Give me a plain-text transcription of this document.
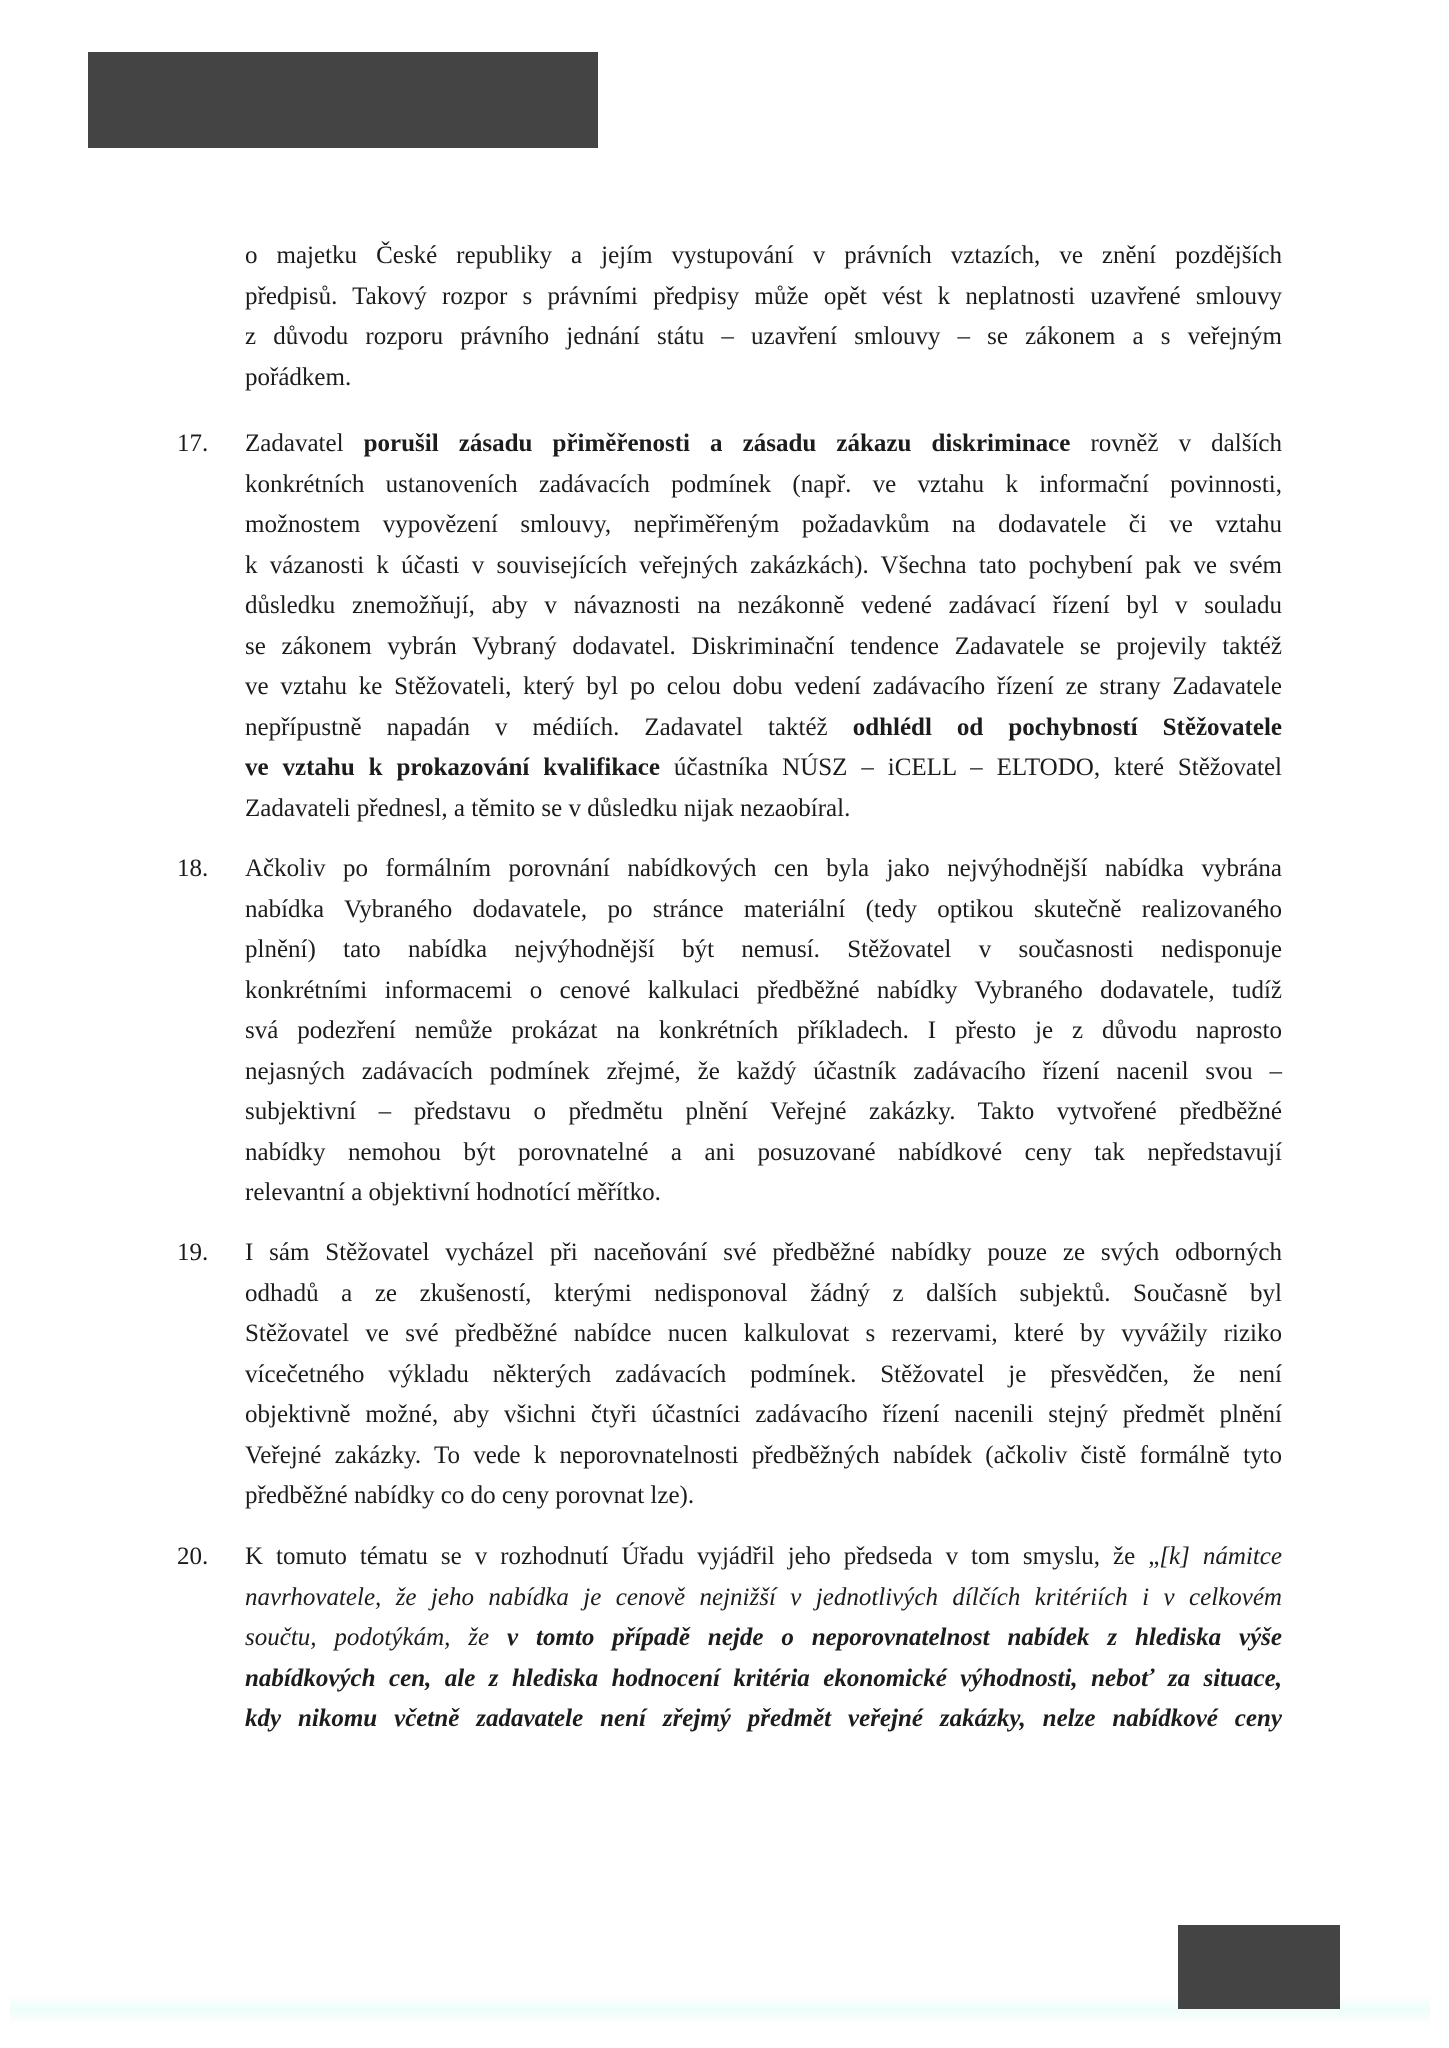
o majetku České republiky a jejím vystupování v právních vztazích, ve znění pozdějších
předpisů. Takový rozpor s právními předpisy může opět vést k neplatnosti uzavřené smlouvy
z důvodu rozporu právního jednání státu – uzavření smlouvy – se zákonem a s veřejným
pořádkem.
17. Zadavatel porušil zásadu přiměřenosti a zásadu zákazu diskriminace rovněž v dalších
konkrétních ustanoveních zadávacích podmínek (např. ve vztahu k informační povinnosti,
možnostem vypovězení smlouvy, nepřiměřeným požadavkům na dodavatele či ve vztahu
k vázanosti k účasti v souvisejících veřejných zakázkách). Všechna tato pochybení pak ve svém
důsledku znemožňují, aby v návaznosti na nezákonně vedené zadávací řízení byl v souladu
se zákonem vybrán Vybraný dodavatel. Diskriminační tendence Zadavatele se projevily taktéž
ve vztahu ke Stěžovateli, který byl po celou dobu vedení zadávacího řízení ze strany Zadavatele
nepřípustně napadán v médiích. Zadavatel taktéž odhlédl od pochybností Stěžovatele
ve vztahu k prokazování kvalifikace účastníka NÚSZ – iCELL – ELTODO, které Stěžovatel
Zadavateli přednesl, a těmito se v důsledku nijak nezaobíral.
18. Ačkoliv po formálním porovnání nabídkových cen byla jako nejvýhodnější nabídka vybrána
nabídka Vybraného dodavatele, po stránce materiální (tedy optikou skutečně realizovaného
plnění) tato nabídka nejvýhodnější být nemusí. Stěžovatel v současnosti nedisponuje
konkrétními informacemi o cenové kalkulaci předběžné nabídky Vybraného dodavatele, tudíž
svá podezření nemůže prokázat na konkrétních příkladech. I přesto je z důvodu naprosto
nejasných zadávacích podmínek zřejmé, že každý účastník zadávacího řízení nacenil svou –
subjektivní – představu o předmětu plnění Veřejné zakázky. Takto vytvořené předběžné
nabídky nemohou být porovnatelné a ani posuzované nabídkové ceny tak nepředstavují
relevantní a objektivní hodnotící měřítko.
19. I sám Stěžovatel vycházel při naceňování své předběžné nabídky pouze ze svých odborných
odhadů a ze zkušeností, kterými nedisponoval žádný z dalších subjektů. Současně byl
Stěžovatel ve své předběžné nabídce nucen kalkulovat s rezervami, které by vyvážily riziko
vícečetného výkladu některých zadávacích podmínek. Stěžovatel je přesvědčen, že není
objektivně možné, aby všichni čtyři účastníci zadávacího řízení nacenili stejný předmět plnění
Veřejné zakázky. To vede k neporovnatelnosti předběžných nabídek (ačkoliv čistě formálně tyto
předběžné nabídky co do ceny porovnat lze).
20. K tomuto tématu se v rozhodnutí Úřadu vyjádřil jeho předseda v tom smyslu, že „[k] námitce
navrhovatele, že jeho nabídka je cenově nejnižší v jednotlivých dílčích kritériích i v celkovém
součtu, podotýkám, že v tomto případě nejde o neporovnatelnost nabídek z hlediska výše
nabídkových cen, ale z hlediska hodnocení kritéria ekonomické výhodnosti, neboť za situace,
kdy nikomu včetně zadavatele není zřejmý předmět veřejné zakázky, nelze nabídkové ceny
